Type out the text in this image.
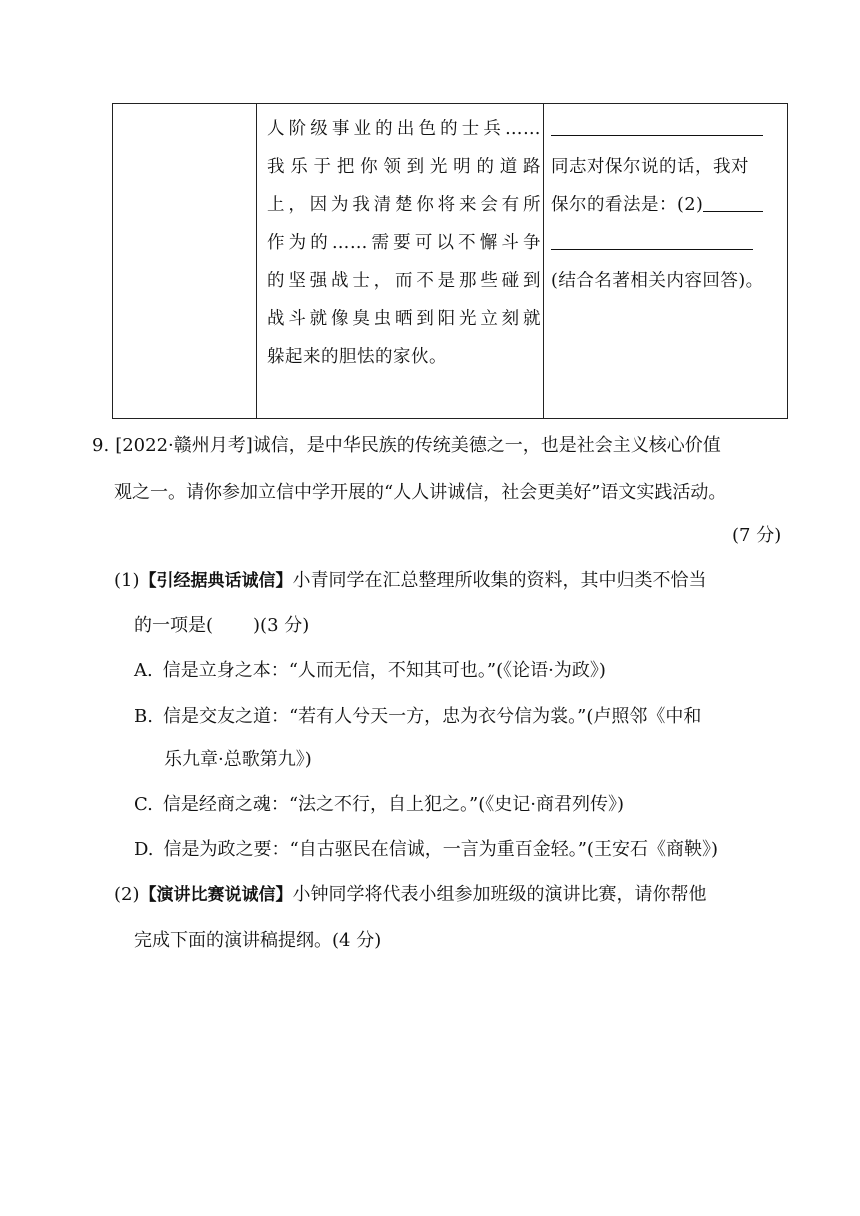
人阶级事业的出色的士兵……
我乐于把你领到光明的道路
上，因为我清楚你将来会有所
作为的……需要可以不懈斗争
的坚强战士，而不是那些碰到
战斗就像臭虫晒到阳光立刻就
躲起来的胆怯的家伙。
同志对保尔说的话，我对
保尔的看法是：(2)
(结合名著相关内容回答)。
9. [2022·赣州月考]诚信，是中华民族的传统美德之一，也是社会主义核心价值
观之一。请你参加立信中学开展的“人人讲诚信，社会更美好”语文实践活动。
(7 分)
(1)【引经据典话诚信】小青同学在汇总整理所收集的资料，其中归类不恰当
的一项是( )(3 分)
A. 信是立身之本：“人而无信，不知其可也。”(《论语·为政》)
B. 信是交友之道：“若有人兮天一方，忠为衣兮信为裳。”(卢照邻《中和
乐九章·总歌第九》)
C. 信是经商之魂：“法之不行，自上犯之。”(《史记·商君列传》)
D. 信是为政之要：“自古驱民在信诚，一言为重百金轻。”(王安石《商鞅》)
(2)【演讲比赛说诚信】小钟同学将代表小组参加班级的演讲比赛，请你帮他
完成下面的演讲稿提纲。(4 分)
